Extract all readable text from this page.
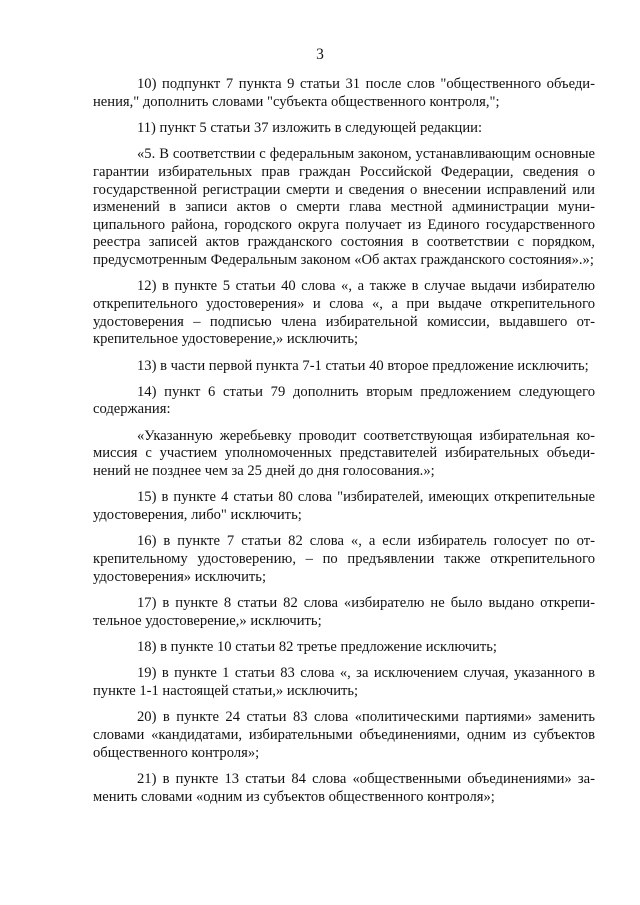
3

10) подпункт 7 пункта 9 статьи 31 после слов "общественного объединения," дополнить словами "субъекта общественного контроля,";

11) пункт 5 статьи 37 изложить в следующей редакции:

«5. В соответствии с федеральным законом, устанавливающим основные гарантии избирательных прав граждан Российской Федерации, сведения о государственной регистрации смерти и сведения о внесении исправлений или изменений в записи актов о смерти глава местной администрации муниципального района, городского округа получает из Единого государственного реестра записей актов гражданского состояния в соответствии с порядком, предусмотренным Федеральным законом «Об актах гражданского состояния».»;

12) в пункте 5 статьи 40 слова «, а также в случае выдачи избирателю открепительного удостоверения» и слова «, а при выдаче открепительного удостоверения – подписью члена избирательной комиссии, выдавшего открепительное удостоверение,» исключить;

13) в части первой пункта 7-1 статьи 40 второе предложение исключить;

14) пункт 6 статьи 79 дополнить вторым предложением следующего содержания:

«Указанную жеребьевку проводит соответствующая избирательная комиссия с участием уполномоченных представителей избирательных объединений не позднее чем за 25 дней до дня голосования.»;

15) в пункте 4 статьи 80 слова "избирателей, имеющих открепительные удостоверения, либо" исключить;

16) в пункте 7 статьи 82 слова «, а если избиратель голосует по открепительному удостоверению, – по предъявлении также открепительного удостоверения» исключить;

17) в пункте 8 статьи 82 слова «избирателю не было выдано открепительное удостоверение,» исключить;

18) в пункте 10 статьи 82 третье предложение исключить;

19) в пункте 1 статьи 83 слова «, за исключением случая, указанного в пункте 1-1 настоящей статьи,» исключить;

20) в пункте 24 статьи 83 слова «политическими партиями» заменить словами «кандидатами, избирательными объединениями, одним из субъектов общественного контроля»;

21) в пункте 13 статьи 84 слова «общественными объединениями» заменить словами «одним из субъектов общественного контроля»;
